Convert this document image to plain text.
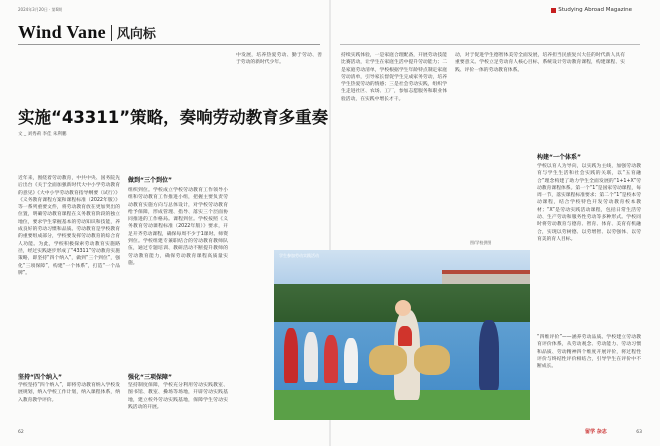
2024年3月20日 · 第6期	Studying Abroad Magazine
Wind Vane 风向标
实施“43311”策略，奏响劳动教育多重奏
文 _ 刘秀莉 李佳 朱利鹏
动，对于促进学生德智体美劳全面发展，培养担当民族复兴大任的时代新人具有重要意义。学校立足劳动育人核心目标，系统设计劳动教育课程，构建课程、实践、评价一体的劳动教育体系。
持续实践体验，一是家庭合理配备，开展劳动技能比赛活动，让学生在家庭生活中提升劳动能力；二是家庭劳动清单，学校根据学生年龄特点制定家庭劳动清单，引导家长督促学生完成家务劳动，培养学生热爱劳动的情感；三是社会劳动实践，组织学生走进社区、农场、工厂，参加志愿服务和职业体验活动，在实践中增长才干。
近年来，围绕着劳动教育，中共中央、国务院先后出台《关于全面加强新时代大中小学劳动教育的意见》《大中小学劳动教育指导纲要（试行）》《义务教育课程方案和课程标准（2022年版）》等一系列重要文件，将劳动教育放在更加突出的位置，明确劳动教育课程在义务教育阶段的独立地位，要求学生掌握基本的劳动知识和技能，养成良好的劳动习惯和品质。劳动教育是学校教育的重要组成部分，学校要发挥劳动教育的综合育人功能。为此，学校积极探索劳动教育实施路径，经过实践逐步形成了“43311”劳动教育实施策略，即坚持“四个纳入”，做到“三个到位”，强化“三项保障”，构建“一个体系”，打造“一个品牌”。
坚持“四个纳入”
学校坚持“四个纳入”，即将劳动教育纳入学校发展规划，纳入学校工作计划，纳入课程体系，纳入教育教学评价。
做到“三个到位”
组织到位。学校成立学校劳动教育工作领导小组和劳动教育工作推进小组，把握主要负责劳动教育实施方向与总体设计，对学校劳动教育给予保障，形成管理、指导、落实三个层面协同推进的工作格局。课程到位。学校按照《义务教育劳动课程标准（2022年版）》要求，开足开齐劳动课程，确保每周不少于1课时。师资到位。学校组建专兼职结合的劳动教育教师队伍，通过专题培训、教研活动不断提升教师的劳动教育能力，确保劳动教育课程高质量实施。
强化“三项保障”
坚持制度保障，学校充分利用劳动实践教室、图书馆、教室、操场等场地，开辟劳动实践基地，建立校外劳动实践基地，保障学生劳动实践活动的开展。
中发展，培养热爱劳动、勤于劳动、善于劳动的新时代少年。
构建“一个体系”
学校以育人为导向，以实践为主线，加强劳动教育与学生生活和社会实践的关联，以“五育融合”理念构建了助力学生全面发展的“1+1+X”劳动教育课程体系。第一个“1”是国家劳动课程，每周一节，落实课程标准要求；第二个“1”是校本劳动课程，结合学校特色开发劳动教育校本教材；“X”是劳动实践活动课程，包括日常生活劳动、生产劳动和服务性劳动等多种形式。学校同时将劳动教育与德育、智育、体育、美育有机融合，实现以劳树德、以劳增智、以劳强体、以劳育美的育人目标。
“四维评价”——涵养劳动品质。学校建立劳动教育评价体系，从劳动观念、劳动能力、劳动习惯和品质、劳动精神四个维度开展评价，将过程性评价与终结性评价相结合，引导学生在评价中不断成长。
学生参加劳动实践活动
图/学校供图
62	63
留学 杂志
